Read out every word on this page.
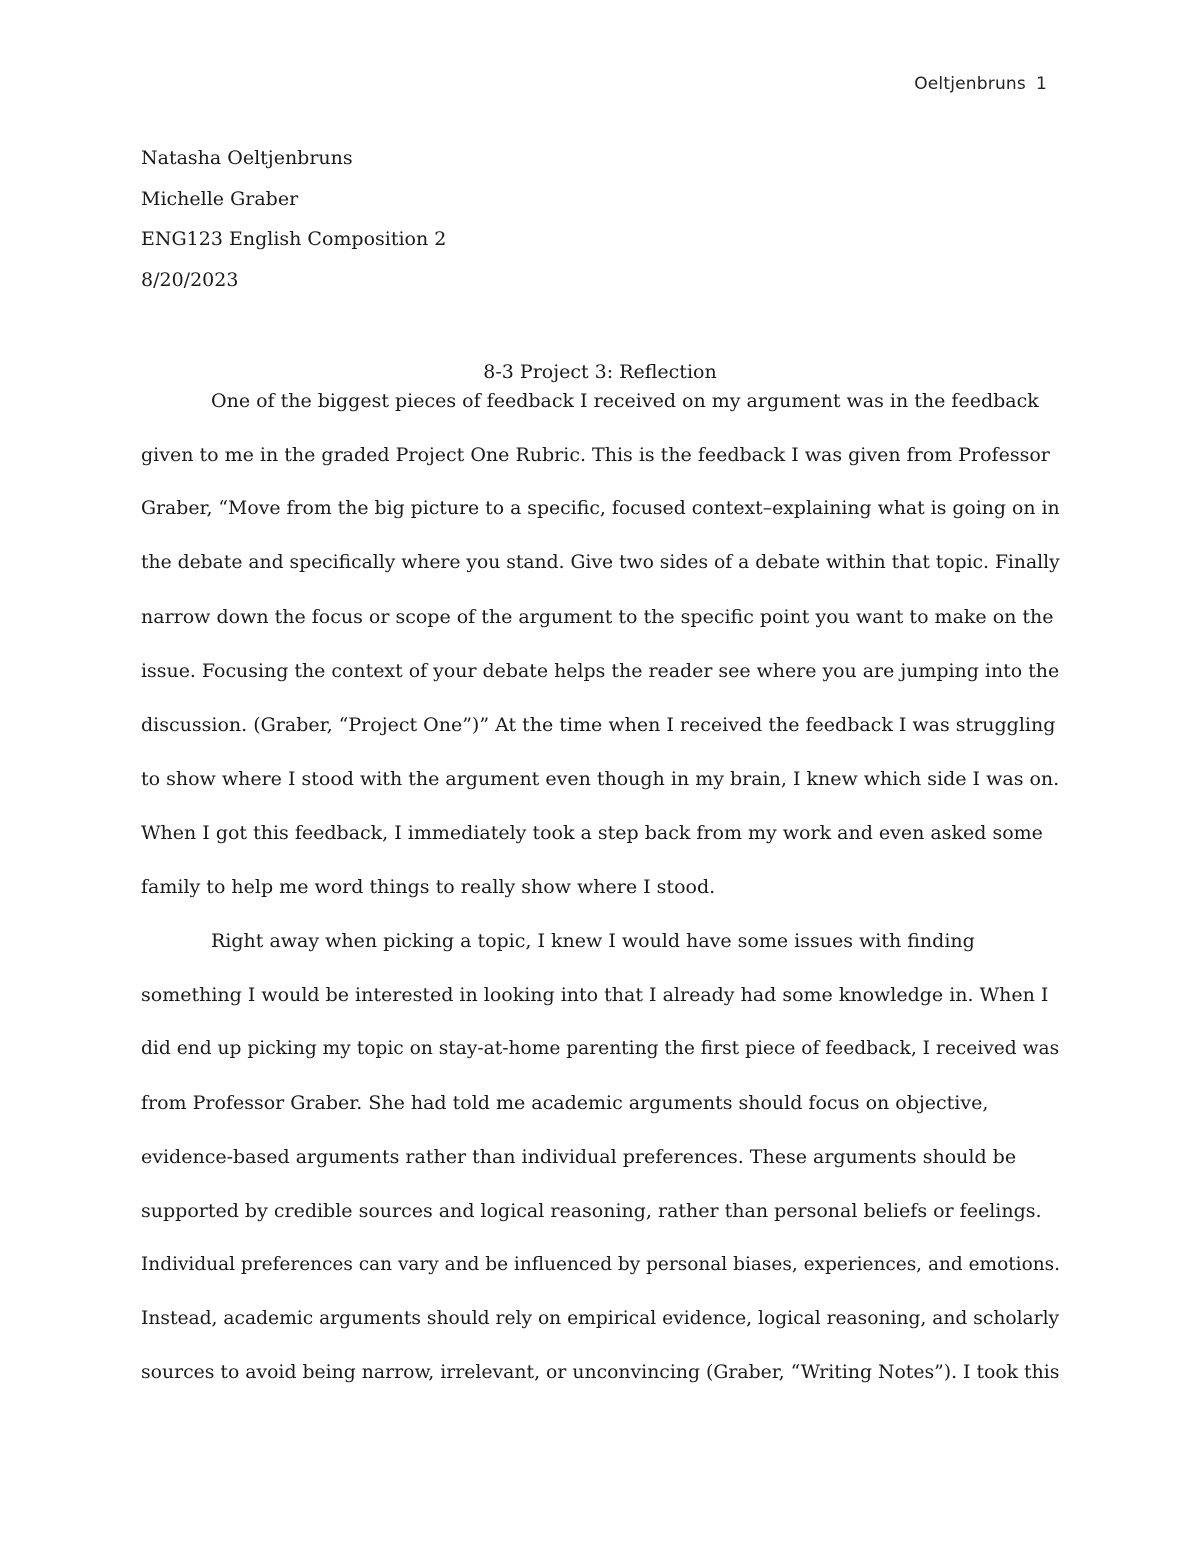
Oeltjenbruns 1
Natasha Oeltjenbruns
Michelle Graber
ENG123 English Composition 2
8/20/2023
8-3 Project 3: Reflection
One of the biggest pieces of feedback I received on my argument was in the feedback
given to me in the graded Project One Rubric. This is the feedback I was given from Professor
Graber, “Move from the big picture to a specific, focused context–explaining what is going on in
the debate and specifically where you stand. Give two sides of a debate within that topic. Finally
narrow down the focus or scope of the argument to the specific point you want to make on the
issue. Focusing the context of your debate helps the reader see where you are jumping into the
discussion. (Graber, “Project One”)” At the time when I received the feedback I was struggling
to show where I stood with the argument even though in my brain, I knew which side I was on.
When I got this feedback, I immediately took a step back from my work and even asked some
family to help me word things to really show where I stood.
Right away when picking a topic, I knew I would have some issues with finding
something I would be interested in looking into that I already had some knowledge in. When I
did end up picking my topic on stay-at-home parenting the first piece of feedback, I received was
from Professor Graber. She had told me academic arguments should focus on objective,
evidence-based arguments rather than individual preferences. These arguments should be
supported by credible sources and logical reasoning, rather than personal beliefs or feelings.
Individual preferences can vary and be influenced by personal biases, experiences, and emotions.
Instead, academic arguments should rely on empirical evidence, logical reasoning, and scholarly
sources to avoid being narrow, irrelevant, or unconvincing (Graber, “Writing Notes”). I took this
